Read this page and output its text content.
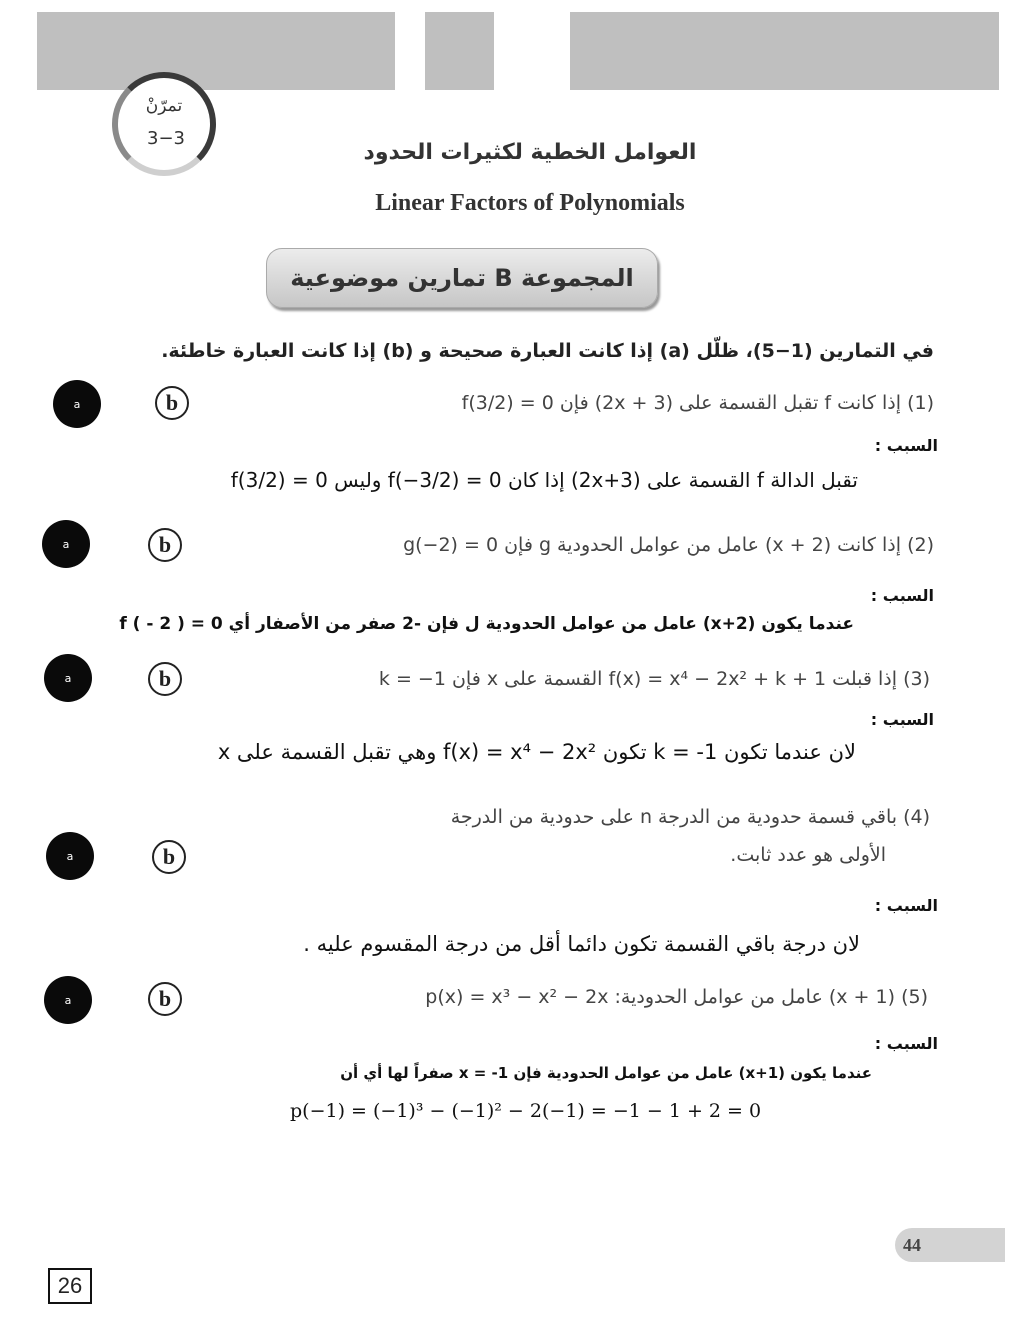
تمرّنْ
3−3
العوامل الخطية لكثيرات الحدود
Linear Factors of Polynomials
المجموعة B تمارين موضوعية
في التمارين (1−5)، ظلّل (a) إذا كانت العبارة صحيحة و (b) إذا كانت العبارة خاطئة.
a	b	(1) إذا كانت f تقبل القسمة على (2x + 3) فإن f(3/2) = 0
السبب :
تقبل الدالة f القسمة على (2x+3) إذا كان f(−3/2) = 0 وليس f(3/2) = 0
a	b	(2) إذا كانت (x + 2) عامل من عوامل الحدودية g فإن g(−2) = 0
السبب :
عندما يكون (x+2) عامل من عوامل الحدودية ل فإن -2 صفر من الأصفار أي f ( - 2 ) = 0
a	b	(3) إذا قبلت f(x) = x⁴ − 2x² + k + 1 القسمة على x فإن k = −1
السبب :
لان عندما تكون k = -1 تكون f(x) = x⁴ − 2x² وهي تقبل القسمة على x
(4) باقي قسمة حدودية من الدرجة n على حدودية من الدرجة
الأولى هو عدد ثابت.
a	b
السبب :
لان درجة باقي القسمة تكون دائما أقل من درجة المقسوم عليه .
a	b	(5) (x + 1) عامل من عوامل الحدودية: p(x) = x³ − x² − 2x
السبب :
عندما يكون (x+1) عامل من عوامل الحدودية فإن x = -1 صفراً لها أي أن
p(−1) = (−1)³ − (−1)² − 2(−1) = −1 − 1 + 2 = 0
44
26
